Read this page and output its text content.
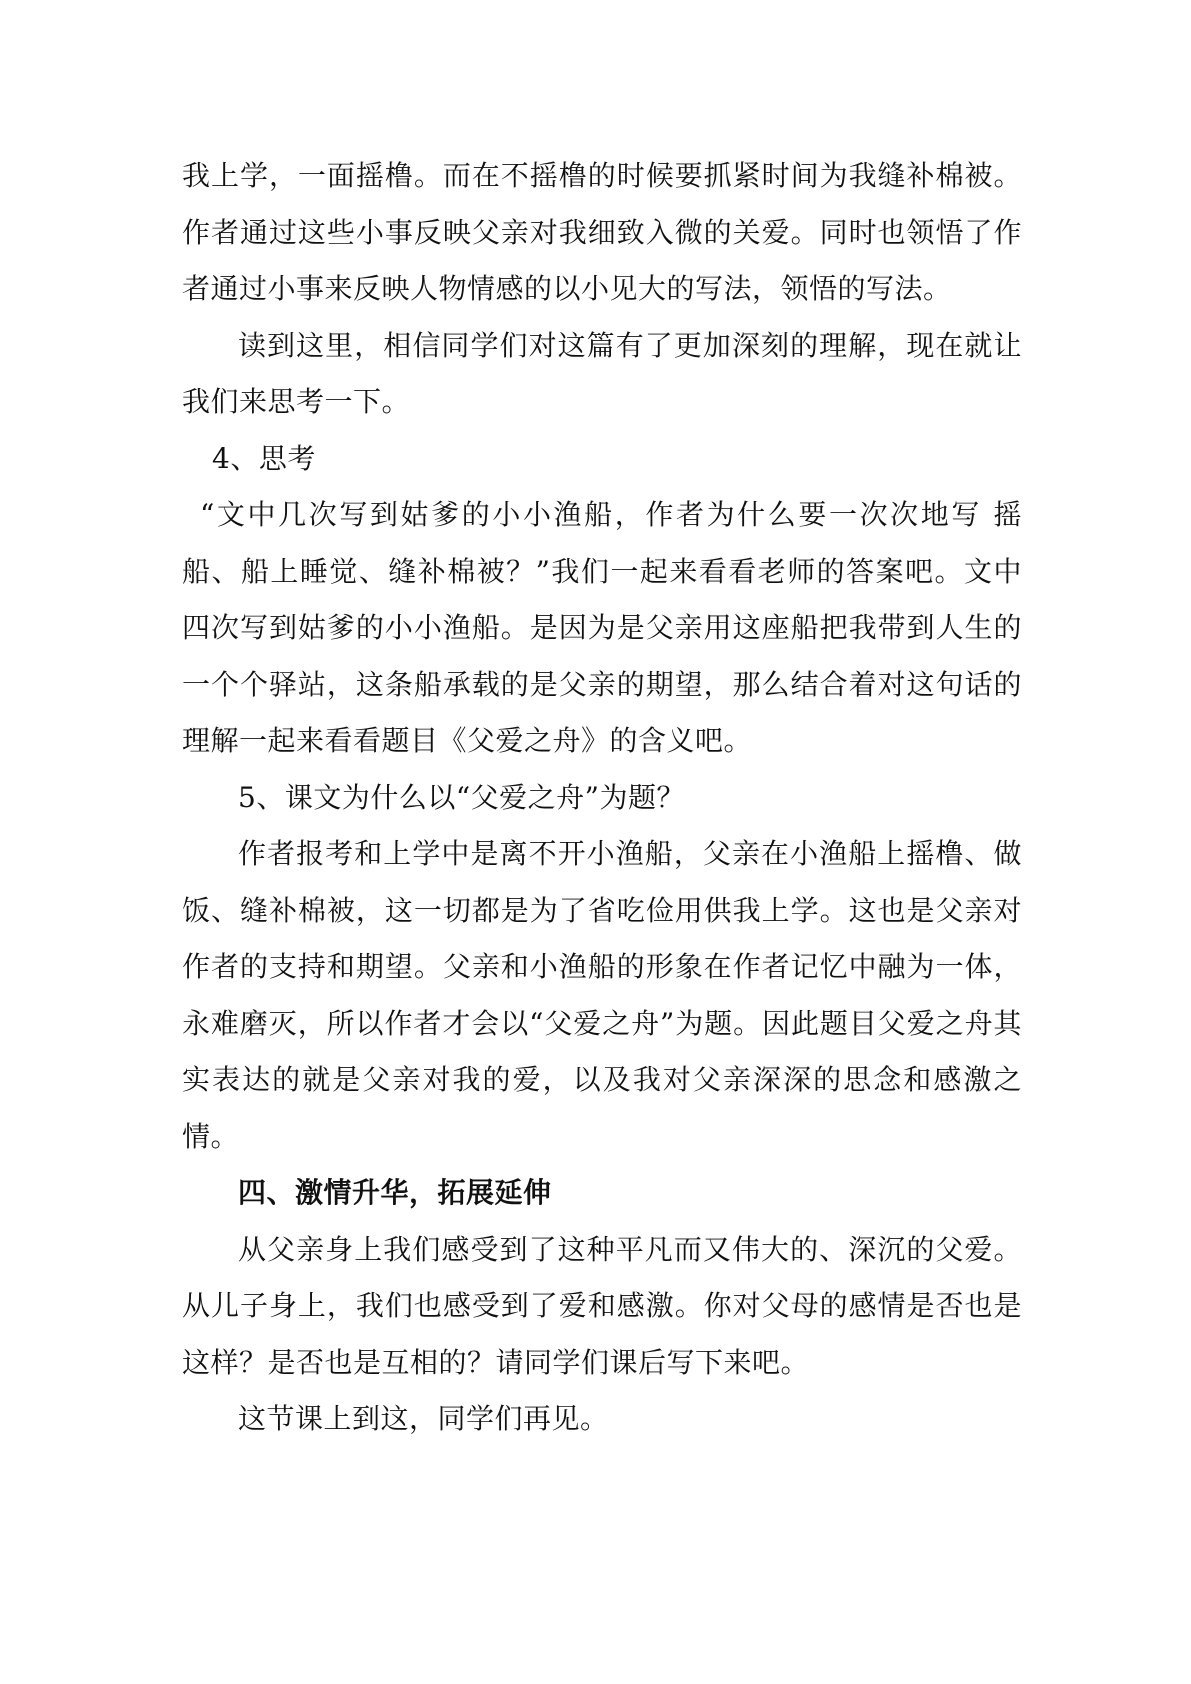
我上学，一面摇橹。而在不摇橹的时候要抓紧时间为我缝补棉被。作者通过这些小事反映父亲对我细致入微的关爱。同时也领悟了作者通过小事来反映人物情感的以小见大的写法，领悟的写法。

读到这里，相信同学们对这篇有了更加深刻的理解，现在就让我们来思考一下。

4、思考

“文中几次写到姑爹的小小渔船，作者为什么要一次次地写 摇船、船上睡觉、缝补棉被？”我们一起来看看老师的答案吧。文中四次写到姑爹的小小渔船。是因为是父亲用这座船把我带到人生的一个个驿站，这条船承载的是父亲的期望，那么结合着对这句话的理解一起来看看题目《父爱之舟》的含义吧。

5、课文为什么以“父爱之舟”为题？

作者报考和上学中是离不开小渔船，父亲在小渔船上摇橹、做饭、缝补棉被，这一切都是为了省吃俭用供我上学。这也是父亲对作者的支持和期望。父亲和小渔船的形象在作者记忆中融为一体，永难磨灭，所以作者才会以“父爱之舟”为题。因此题目父爱之舟其实表达的就是父亲对我的爱，以及我对父亲深深的思念和感激之情。

四、激情升华，拓展延伸

从父亲身上我们感受到了这种平凡而又伟大的、深沉的父爱。从儿子身上，我们也感受到了爱和感激。你对父母的感情是否也是这样？是否也是互相的？请同学们课后写下来吧。

这节课上到这，同学们再见。
